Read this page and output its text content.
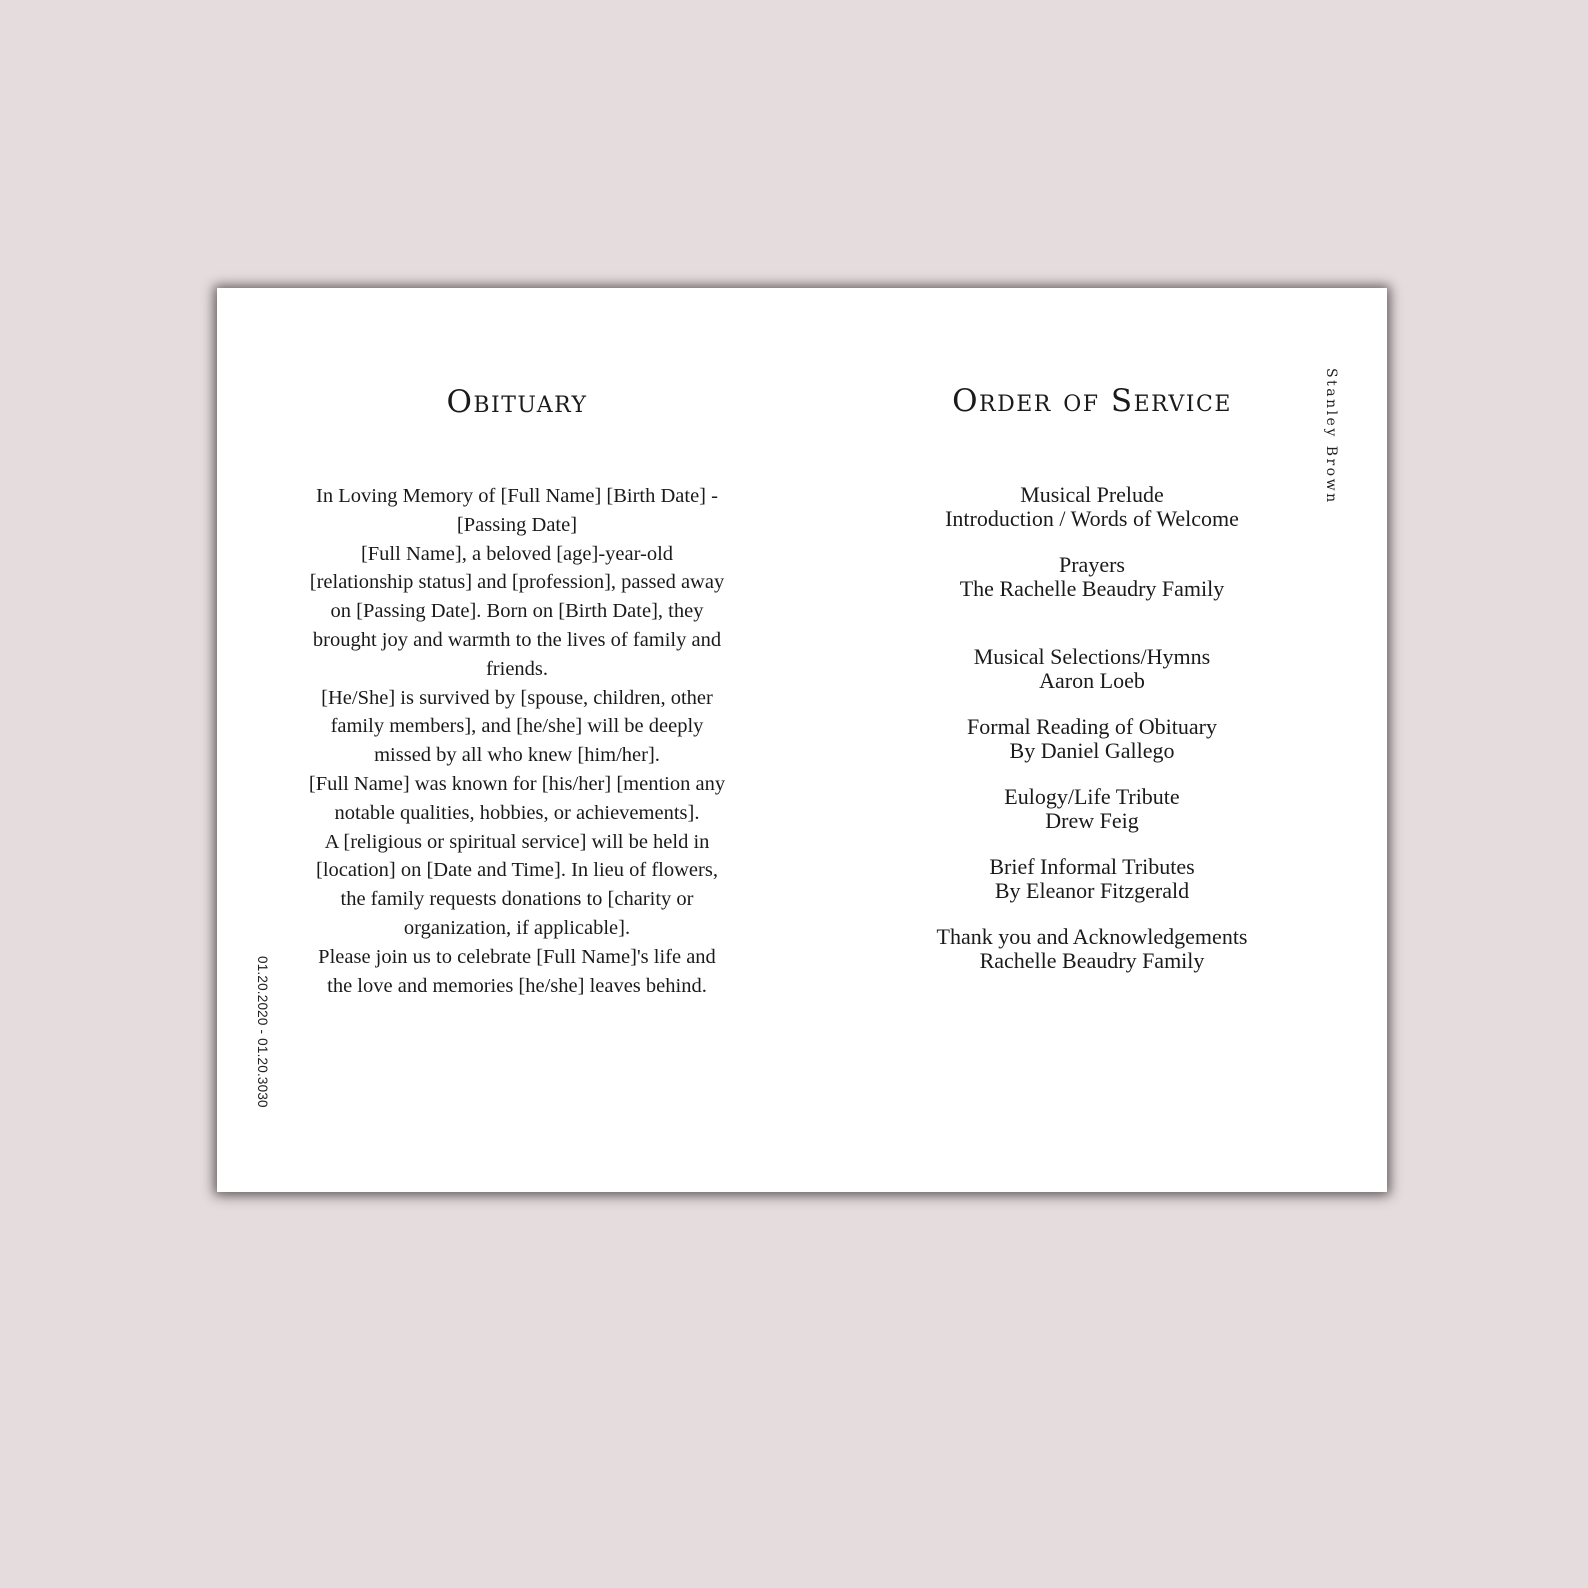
01.20.2020 - 01.20.3030
Obituary

In Loving Memory of [Full Name] [Birth Date] - [Passing Date]

[Full Name], a beloved [age]-year-old [relationship status] and [profession], passed away on [Passing Date]. Born on [Birth Date], they brought joy and warmth to the lives of family and friends.

[He/She] is survived by [spouse, children, other family members], and [he/she] will be deeply missed by all who knew [him/her].

[Full Name] was known for [his/her] [mention any notable qualities, hobbies, or achievements].

A [religious or spiritual service] will be held in [location] on [Date and Time]. In lieu of flowers, the family requests donations to [charity or organization, if applicable].

Please join us to celebrate [Full Name]'s life and the love and memories [he/she] leaves behind.

Order of Service
Musical Prelude
Introduction / Words of Welcome
Prayers
The Rachelle Beaudry Family
Musical Selections/Hymns
Aaron Loeb
Formal Reading of Obituary
By Daniel Gallego
Eulogy/Life Tribute
Drew Feig
Brief Informal Tributes
By Eleanor Fitzgerald
Thank you and Acknowledgements
Rachelle Beaudry Family
Stanley Brown
